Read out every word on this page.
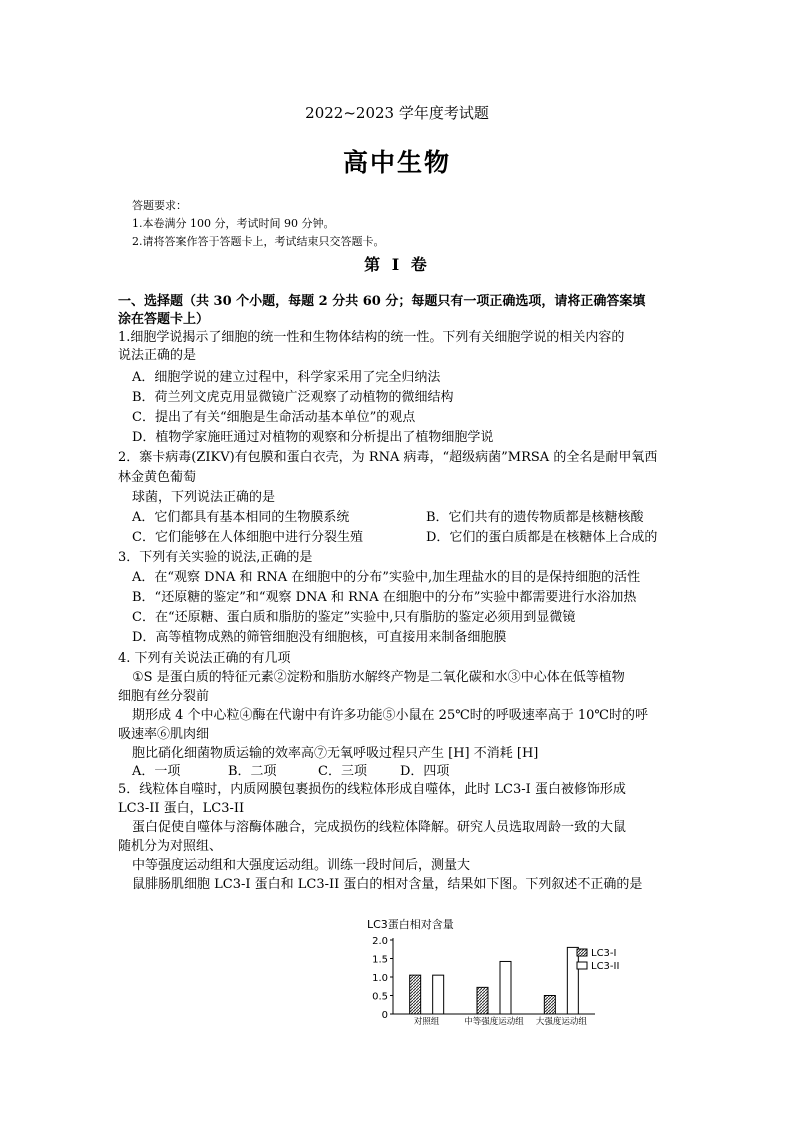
2022~2023 学年度考试题
高中生物
答题要求：
1.本卷满分 100 分，考试时间 90 分钟。
2.请将答案作答于答题卡上，考试结束只交答题卡。
第 Ⅰ 卷
一、选择题（共 30 个小题，每题 2 分共 60 分；每题只有一项正确选项，请将正确答案填
涂在答题卡上）
1.细胞学说揭示了细胞的统一性和生物体结构的统一性。下列有关细胞学说的相关内容的
说法正确的是
A．细胞学说的建立过程中，科学家采用了完全归纳法
B．荷兰列文虎克用显微镜广泛观察了动植物的微细结构
C．提出了有关“细胞是生命活动基本单位”的观点
D．植物学家施旺通过对植物的观察和分析提出了植物细胞学说
2．寨卡病毒(ZIKV)有包膜和蛋白衣壳，为 RNA 病毒，“超级病菌”MRSA 的全名是耐甲氧西
林金黄色葡萄
球菌，下列说法正确的是
A．它们都具有基本相同的生物膜系统	B．它们共有的遗传物质都是核糖核酸
C．它们能够在人体细胞中进行分裂生殖	D．它们的蛋白质都是在核糖体上合成的
3．下列有关实验的说法,正确的是
A．在“观察 DNA 和 RNA 在细胞中的分布”实验中,加生理盐水的目的是保持细胞的活性
B．“还原糖的鉴定”和“观察 DNA 和 RNA 在细胞中的分布”实验中都需要进行水浴加热
C．在“还原糖、蛋白质和脂肪的鉴定”实验中,只有脂肪的鉴定必须用到显微镜
D．高等植物成熟的筛管细胞没有细胞核，可直接用来制备细胞膜
4. 下列有关说法正确的有几项
①S 是蛋白质的特征元素②淀粉和脂肪水解终产物是二氧化碳和水③中心体在低等植物
细胞有丝分裂前
期形成 4 个中心粒④酶在代谢中有许多功能⑤小鼠在 25℃时的呼吸速率高于 10℃时的呼
吸速率⑥肌肉细
胞比硝化细菌物质运输的效率高⑦无氧呼吸过程只产生 [H] 不消耗 [H]
A．一项	B．二项	C．三项	D．四项
5．线粒体自噬时，内质网膜包裹损伤的线粒体形成自噬体，此时 LC3-I 蛋白被修饰形成
LC3-II 蛋白，LC3-II
蛋白促使自噬体与溶酶体融合，完成损伤的线粒体降解。研究人员选取周龄一致的大鼠
随机分为对照组、
中等强度运动组和大强度运动组。训练一段时间后，测量大
鼠腓肠肌细胞 LC3-I 蛋白和 LC3-II 蛋白的相对含量，结果如下图。下列叙述不正确的是
LC3蛋白相对含量
0
0.5
1.0
1.5
2.0
对照组	中等强度运动组 大强度运动组
LC3-I
LC3-II
